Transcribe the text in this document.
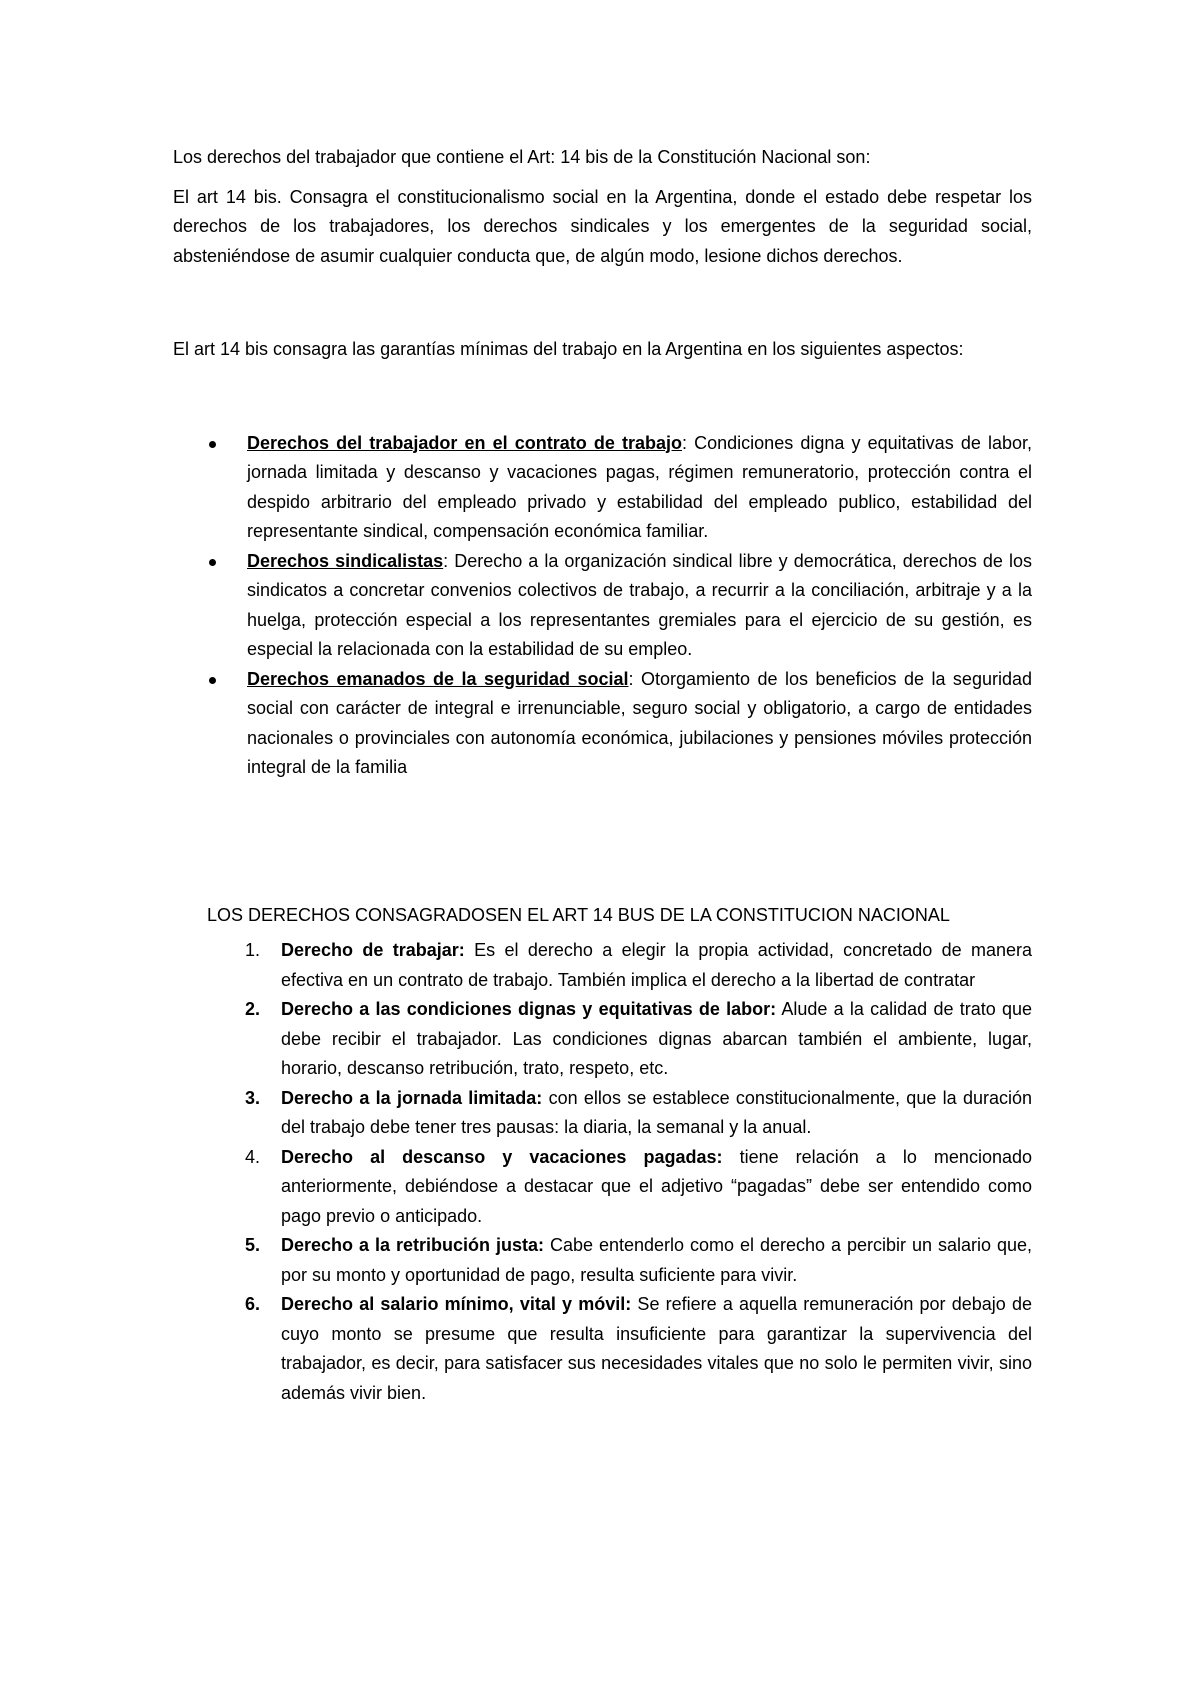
Los derechos del trabajador que contiene el Art: 14 bis de la Constitución Nacional son:

El art 14 bis. Consagra el constitucionalismo social en la Argentina, donde el estado debe respetar los derechos de los trabajadores, los derechos sindicales y los emergentes de la seguridad social, absteniéndose de asumir cualquier conducta que, de algún modo, lesione dichos derechos.

El art 14 bis consagra las garantías mínimas del trabajo en la Argentina en los siguientes aspectos:

Derechos del trabajador en el contrato de trabajo: Condiciones digna y equitativas de labor, jornada limitada y descanso y vacaciones pagas, régimen remuneratorio, protección contra el despido arbitrario del empleado privado y estabilidad del empleado publico, estabilidad del representante sindical, compensación económica familiar.
Derechos sindicalistas: Derecho a la organización sindical libre y democrática, derechos de los sindicatos a concretar convenios colectivos de trabajo, a recurrir a la conciliación, arbitraje y a la huelga, protección especial a los representantes gremiales para el ejercicio de su gestión, es especial la relacionada con la estabilidad de su empleo.
Derechos emanados de la seguridad social: Otorgamiento de los beneficios de la seguridad social con carácter de integral e irrenunciable, seguro social y obligatorio, a cargo de entidades nacionales o provinciales con autonomía económica, jubilaciones y pensiones móviles protección integral de la familia

LOS DERECHOS CONSAGRADOSEN EL ART 14 BUS DE LA CONSTITUCION NACIONAL

1. Derecho de trabajar: Es el derecho a elegir la propia actividad, concretado de manera efectiva en un contrato de trabajo. También implica el derecho a la libertad de contratar
2. Derecho a las condiciones dignas y equitativas de labor: Alude a la calidad de trato que debe recibir el trabajador. Las condiciones dignas abarcan también el ambiente, lugar, horario, descanso retribución, trato, respeto, etc.
3. Derecho a la jornada limitada: con ellos se establece constitucionalmente, que la duración del trabajo debe tener tres pausas: la diaria, la semanal y la anual.
4. Derecho al descanso y vacaciones pagadas: tiene relación a lo mencionado anteriormente, debiéndose a destacar que el adjetivo “pagadas” debe ser entendido como pago previo o anticipado.
5. Derecho a la retribución justa: Cabe entenderlo como el derecho a percibir un salario que, por su monto y oportunidad de pago, resulta suficiente para vivir.
6. Derecho al salario mínimo, vital y móvil: Se refiere a aquella remuneración por debajo de cuyo monto se presume que resulta insuficiente para garantizar la supervivencia del trabajador, es decir, para satisfacer sus necesidades vitales que no solo le permiten vivir, sino además vivir bien.
